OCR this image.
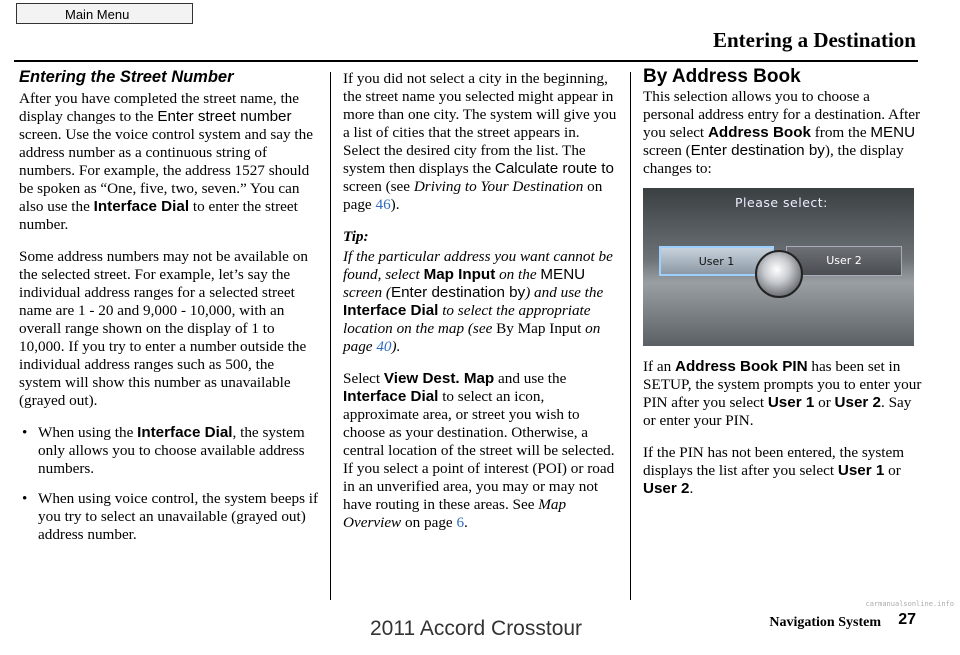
Main Menu
Entering a Destination
Entering the Street Number

After you have completed the street name, the display changes to the Enter street number screen. Use the voice control system and say the address number as a continuous string of numbers. For example, the address 1527 should be spoken as “One, five, two, seven.” You can also use the Interface Dial to enter the street number.

Some address numbers may not be available on the selected street. For example, let’s say the individual address ranges for a selected street name are 1 - 20 and 9,000 - 10,000, with an overall range shown on the display of 1 to 10,000. If you try to enter a number outside the individual address ranges such as 500, the system will show this number as unavailable (grayed out).

• When using the Interface Dial, the system only allows you to choose available address numbers.
• When using voice control, the system beeps if you try to select an unavailable (grayed out) address number.

If you did not select a city in the beginning, the street name you selected might appear in more than one city. The system will give you a list of cities that the street appears in. Select the desired city from the list. The system then displays the Calculate route to screen (see Driving to Your Destination on page 46).

Tip:

If the particular address you want cannot be found, select Map Input on the MENU screen (Enter destination by) and use the Interface Dial to select the appropriate location on the map (see By Map Input on page 40).

Select View Dest. Map and use the Interface Dial to select an icon, approximate area, or street you wish to choose as your destination. Otherwise, a central location of the street will be selected. If you select a point of interest (POI) or road in an unverified area, you may or may not have routing in these areas. See Map Overview on page 6.

By Address Book

This selection allows you to choose a personal address entry for a destination. After you select Address Book from the MENU screen (Enter destination by), the display changes to:

Please select:
User 1	User 2

If an Address Book PIN has been set in SETUP, the system prompts you to enter your PIN after you select User 1 or User 2. Say or enter your PIN.

If the PIN has not been entered, the system displays the list after you select User 1 or User 2.

2011 Accord Crosstour
carmanualsonline.info
Navigation System 27
